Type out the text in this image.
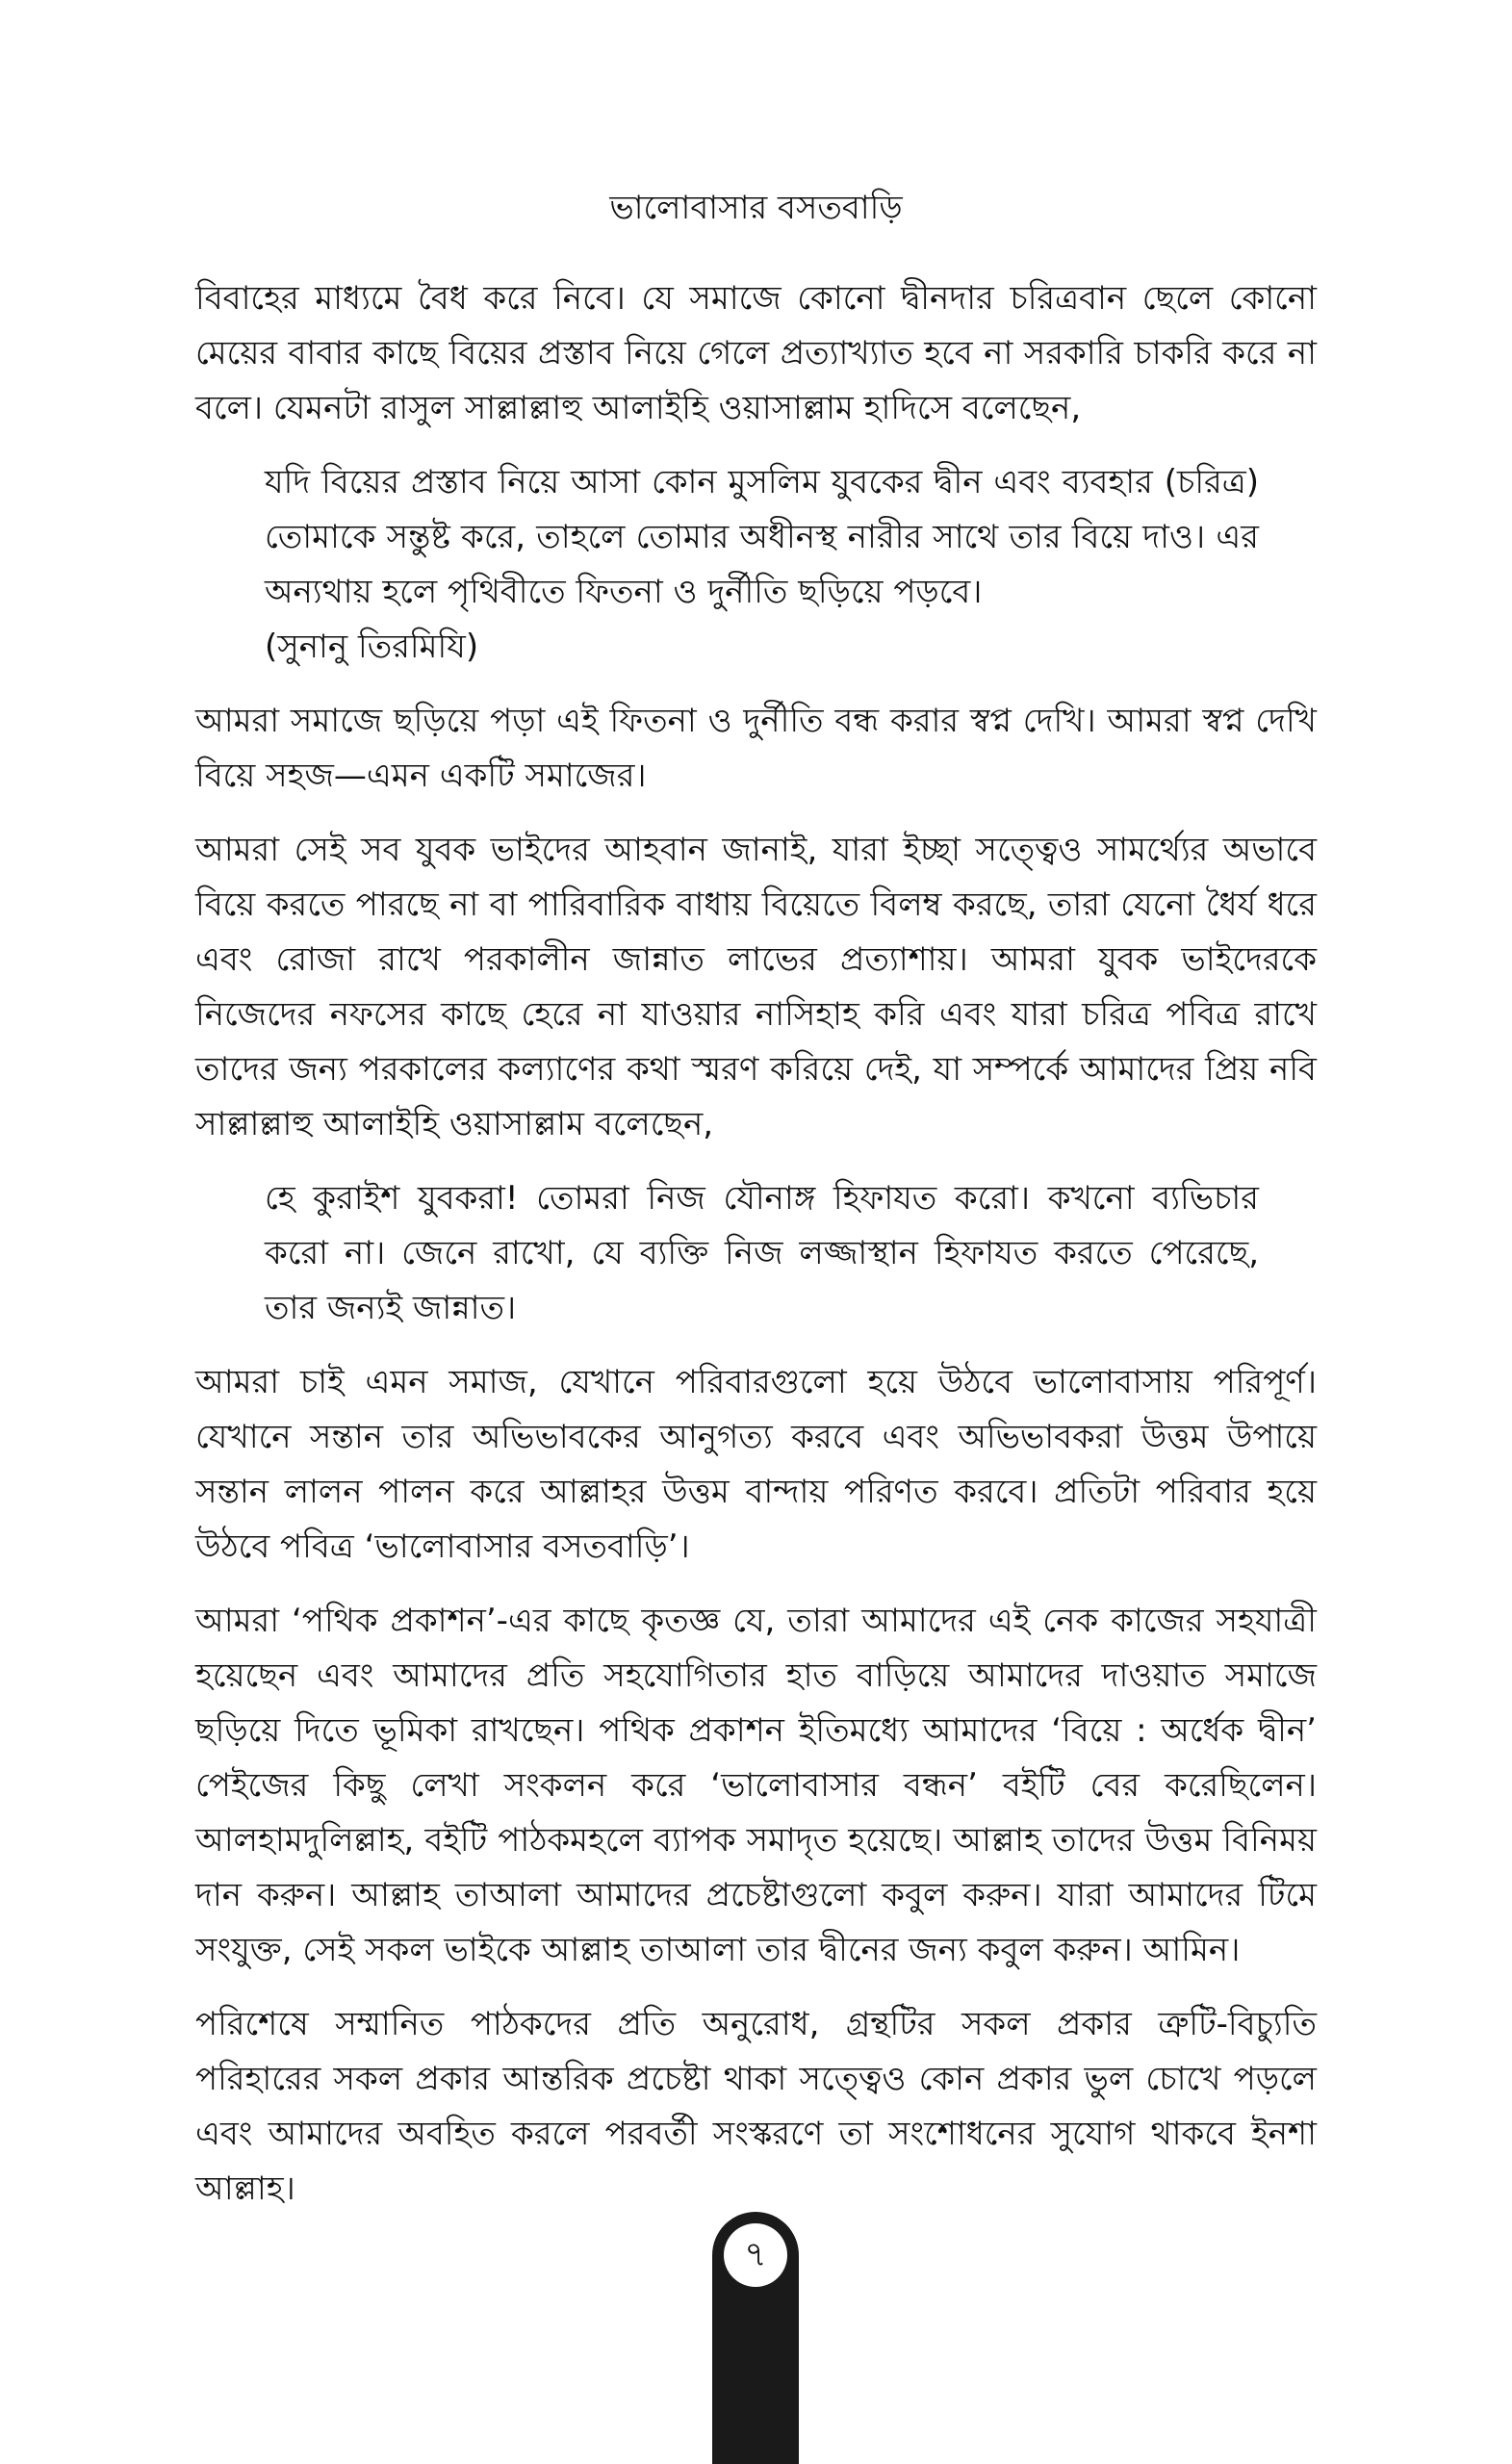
ভালোবাসার বসতবাড়ি

বিবাহের মাধ্যমে বৈধ করে নিবে। যে সমাজে কোনো দ্বীনদার চরিত্রবান ছেলে কোনো মেয়ের বাবার কাছে বিয়ের প্রস্তাব নিয়ে গেলে প্রত্যাখ্যাত হবে না সরকারি চাকরি করে না বলে। যেমনটা রাসুল সাল্লাল্লাহু আলাইহি ওয়াসাল্লাম হাদিসে বলেছেন,

যদি বিয়ের প্রস্তাব নিয়ে আসা কোন মুসলিম যুবকের দ্বীন এবং ব্যবহার (চরিত্র) তোমাকে সন্তুষ্ট করে, তাহলে তোমার অধীনস্থ নারীর সাথে তার বিয়ে দাও। এর অন্যথায় হলে পৃথিবীতে ফিতনা ও দুর্নীতি ছড়িয়ে পড়বে।
(সুনানু তিরমিযি)

আমরা সমাজে ছড়িয়ে পড়া এই ফিতনা ও দুর্নীতি বন্ধ করার স্বপ্ন দেখি। আমরা স্বপ্ন দেখি বিয়ে সহজ—এমন একটি সমাজের।

আমরা সেই সব যুবক ভাইদের আহবান জানাই, যারা ইচ্ছা সত্ত্বেও সামর্থ্যের অভাবে বিয়ে করতে পারছে না বা পারিবারিক বাধায় বিয়েতে বিলম্ব করছে, তারা যেনো ধৈর্য ধরে এবং রোজা রাখে পরকালীন জান্নাত লাভের প্রত্যাশায়। আমরা যুবক ভাইদেরকে নিজেদের নফসের কাছে হেরে না যাওয়ার নাসিহাহ করি এবং যারা চরিত্র পবিত্র রাখে তাদের জন্য পরকালের কল্যাণের কথা স্মরণ করিয়ে দেই, যা সম্পর্কে আমাদের প্রিয় নবি সাল্লাল্লাহু আলাইহি ওয়াসাল্লাম বলেছেন,

হে কুরাইশ যুবকরা! তোমরা নিজ যৌনাঙ্গ হিফাযত করো। কখনো ব্যভিচার করো না। জেনে রাখো, যে ব্যক্তি নিজ লজ্জাস্থান হিফাযত করতে পেরেছে, তার জন্যই জান্নাত।

আমরা চাই এমন সমাজ, যেখানে পরিবারগুলো হয়ে উঠবে ভালোবাসায় পরিপূর্ণ। যেখানে সন্তান তার অভিভাবকের আনুগত্য করবে এবং অভিভাবকরা উত্তম উপায়ে সন্তান লালন পালন করে আল্লাহর উত্তম বান্দায় পরিণত করবে। প্রতিটা পরিবার হয়ে উঠবে পবিত্র ‘ভালোবাসার বসতবাড়ি’।

আমরা ‘পথিক প্রকাশন’-এর কাছে কৃতজ্ঞ যে, তারা আমাদের এই নেক কাজের সহযাত্রী হয়েছেন এবং আমাদের প্রতি সহযোগিতার হাত বাড়িয়ে আমাদের দাওয়াত সমাজে ছড়িয়ে দিতে ভূমিকা রাখছেন। পথিক প্রকাশন ইতিমধ্যে আমাদের ‘বিয়ে : অর্ধেক দ্বীন’ পেইজের কিছু লেখা সংকলন করে ‘ভালোবাসার বন্ধন’ বইটি বের করেছিলেন। আলহামদুলিল্লাহ, বইটি পাঠকমহলে ব্যাপক সমাদৃত হয়েছে। আল্লাহ তাদের উত্তম বিনিময় দান করুন। আল্লাহ তাআলা আমাদের প্রচেষ্টাগুলো কবুল করুন। যারা আমাদের টিমে সংযুক্ত, সেই সকল ভাইকে আল্লাহ তাআলা তার দ্বীনের জন্য কবুল করুন। আমিন।

পরিশেষে সম্মানিত পাঠকদের প্রতি অনুরোধ, গ্রন্থটির সকল প্রকার ত্রুটি-বিচ্যুতি পরিহারের সকল প্রকার আন্তরিক প্রচেষ্টা থাকা সত্ত্বেও কোন প্রকার ভুল চোখে পড়লে এবং আমাদের অবহিত করলে পরবর্তী সংস্করণে তা সংশোধনের সুযোগ থাকবে ইনশা আল্লাহ।

৭
